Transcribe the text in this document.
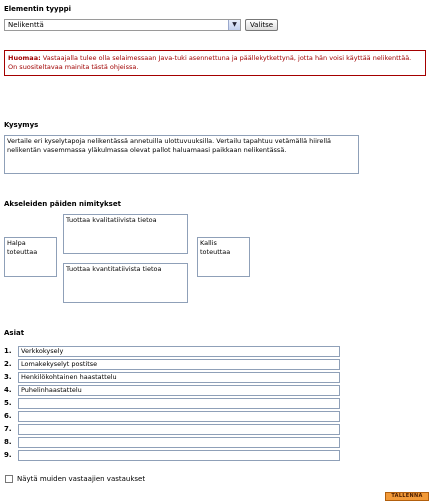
Elementin tyyppi
Nelikenttä	▼	Valitse
Huomaa: Vastaajalla tulee olla selaimessaan Java-tuki asennettuna ja päällekytkettynä, jotta hän voisi käyttää nelikenttää. On suositeltavaa mainita tästä ohjeissa.
Kysymys
Vertaile eri kyselytapoja nelikentässä annetuilla ulottuvuuksilla. Vertailu tapahtuu vetämällä hiirellä nelikentän vasemmassa yläkulmassa olevat pallot haluamaasi paikkaan nelikentässä.
Akseleiden päiden nimitykset
Tuottaa kvalitatiivista tietoa
Halpa toteuttaa
Kallis toteuttaa
Tuottaa kvantitatiivista tietoa
Asiat
1.	Verkkokysely
2.	Lomakekyselyt postitse
3.	Henkilökohtainen haastattelu
4.	Puhelinhaastattelu
5.
6.
7.
8.
9.
Näytä muiden vastaajien vastaukset
TALLENNA
